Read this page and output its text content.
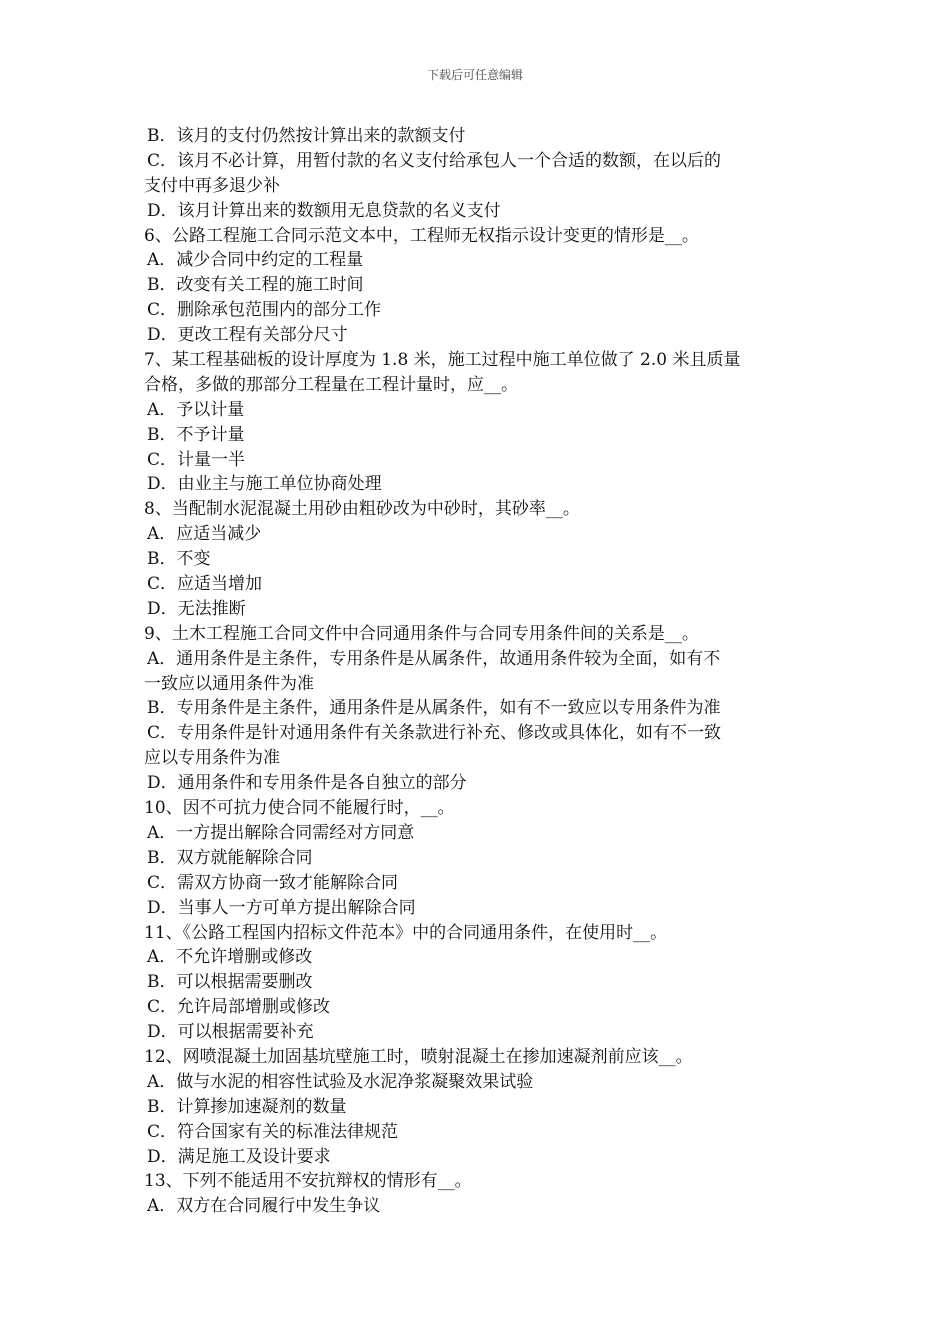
下载后可任意编辑
B．该月的支付仍然按计算出来的款额支付
C．该月不必计算，用暂付款的名义支付给承包人一个合适的数额，在以后的
支付中再多退少补
D．该月计算出来的数额用无息贷款的名义支付
6、公路工程施工合同示范文本中，工程师无权指示设计变更的情形是__。
A．减少合同中约定的工程量
B．改变有关工程的施工时间
C．删除承包范围内的部分工作
D．更改工程有关部分尺寸
7、某工程基础板的设计厚度为 1.8 米，施工过程中施工单位做了 2.0 米且质量
合格，多做的那部分工程量在工程计量时，应__。
A．予以计量
B．不予计量
C．计量一半
D．由业主与施工单位协商处理
8、当配制水泥混凝土用砂由粗砂改为中砂时，其砂率__。
A．应适当减少
B．不变
C．应适当增加
D．无法推断
9、土木工程施工合同文件中合同通用条件与合同专用条件间的关系是__。
A．通用条件是主条件，专用条件是从属条件，故通用条件较为全面，如有不
一致应以通用条件为准
B．专用条件是主条件，通用条件是从属条件，如有不一致应以专用条件为准
C．专用条件是针对通用条件有关条款进行补充、修改或具体化，如有不一致
应以专用条件为准
D．通用条件和专用条件是各自独立的部分
10、因不可抗力使合同不能履行时，__。
A．一方提出解除合同需经对方同意
B．双方就能解除合同
C．需双方协商一致才能解除合同
D．当事人一方可单方提出解除合同
11、《公路工程国内招标文件范本》中的合同通用条件，在使用时__。
A．不允许增删或修改
B．可以根据需要删改
C．允许局部增删或修改
D．可以根据需要补充
12、网喷混凝土加固基坑壁施工时，喷射混凝土在掺加速凝剂前应该__。
A．做与水泥的相容性试验及水泥净浆凝聚效果试验
B．计算掺加速凝剂的数量
C．符合国家有关的标准法律规范
D．满足施工及设计要求
13、下列不能适用不安抗辩权的情形有__。
A．双方在合同履行中发生争议
